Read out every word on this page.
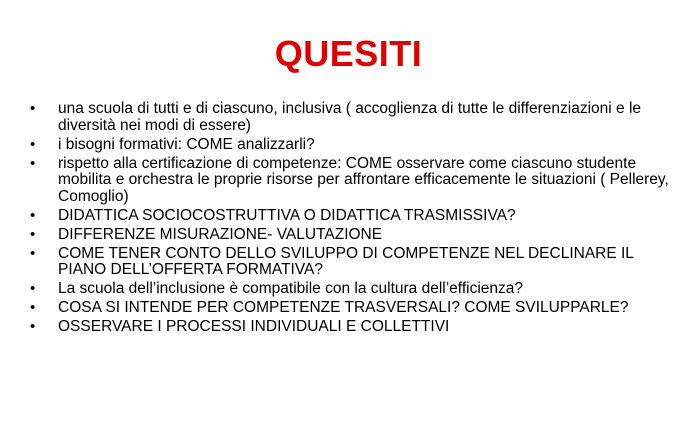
QUESITI
•	una scuola di tutti e di ciascuno, inclusiva ( accoglienza di tutte le differenziazioni e le diversità nei modi di essere)
•	i bisogni formativi: COME analizzarli?
•	rispetto alla certificazione di competenze: COME osservare come ciascuno studente mobilita e orchestra le proprie risorse per affrontare efficacemente le situazioni ( Pellerey, Comoglio)
•	DIDATTICA SOCIOCOSTRUTTIVA O DIDATTICA TRASMISSIVA?
•	DIFFERENZE MISURAZIONE- VALUTAZIONE
•	COME TENER CONTO DELLO SVILUPPO DI COMPETENZE NEL DECLINARE IL PIANO DELL’OFFERTA FORMATIVA?
•	La scuola dell’inclusione è compatibile con la cultura dell’efficienza?
•	COSA SI INTENDE PER COMPETENZE TRASVERSALI? COME SVILUPPARLE?
•	OSSERVARE I PROCESSI INDIVIDUALI E COLLETTIVI
